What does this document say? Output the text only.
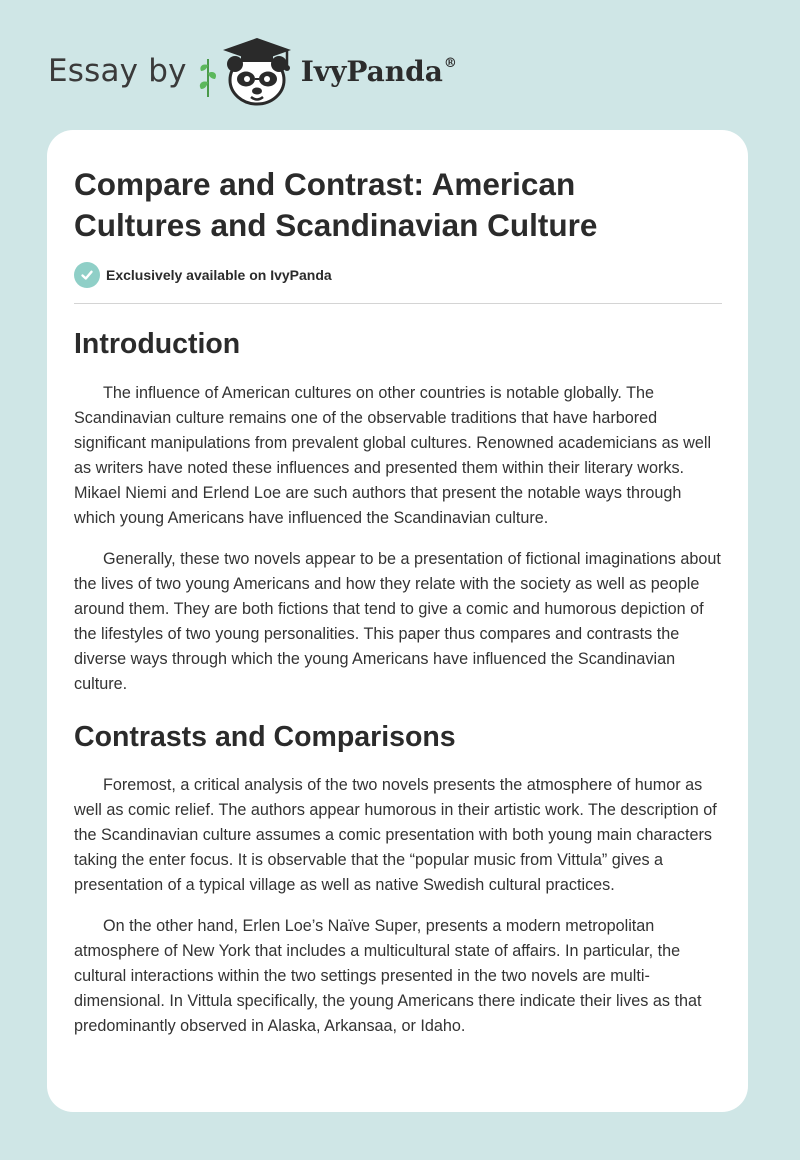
Essay by	IvyPanda®
Compare and Contrast: American Cultures and Scandinavian Culture
Exclusively available on IvyPanda
Introduction

The influence of American cultures on other countries is notable globally. The Scandinavian culture remains one of the observable traditions that have harbored significant manipulations from prevalent global cultures. Renowned academicians as well as writers have noted these influences and presented them within their literary works. Mikael Niemi and Erlend Loe are such authors that present the notable ways through which young Americans have influenced the Scandinavian culture.

Generally, these two novels appear to be a presentation of fictional imaginations about the lives of two young Americans and how they relate with the society as well as people around them. They are both fictions that tend to give a comic and humorous depiction of the lifestyles of two young personalities. This paper thus compares and contrasts the diverse ways through which the young Americans have influenced the Scandinavian culture.

Contrasts and Comparisons

Foremost, a critical analysis of the two novels presents the atmosphere of humor as well as comic relief. The authors appear humorous in their artistic work. The description of the Scandinavian culture assumes a comic presentation with both young main characters taking the enter focus. It is observable that the “popular music from Vittula” gives a presentation of a typical village as well as native Swedish cultural practices.

On the other hand, Erlen Loe’s Naïve Super, presents a modern metropolitan atmosphere of New York that includes a multicultural state of affairs. In particular, the cultural interactions within the two settings presented in the two novels are multi-dimensional. In Vittula specifically, the young Americans there indicate their lives as that predominantly observed in Alaska, Arkansaa, or Idaho.
